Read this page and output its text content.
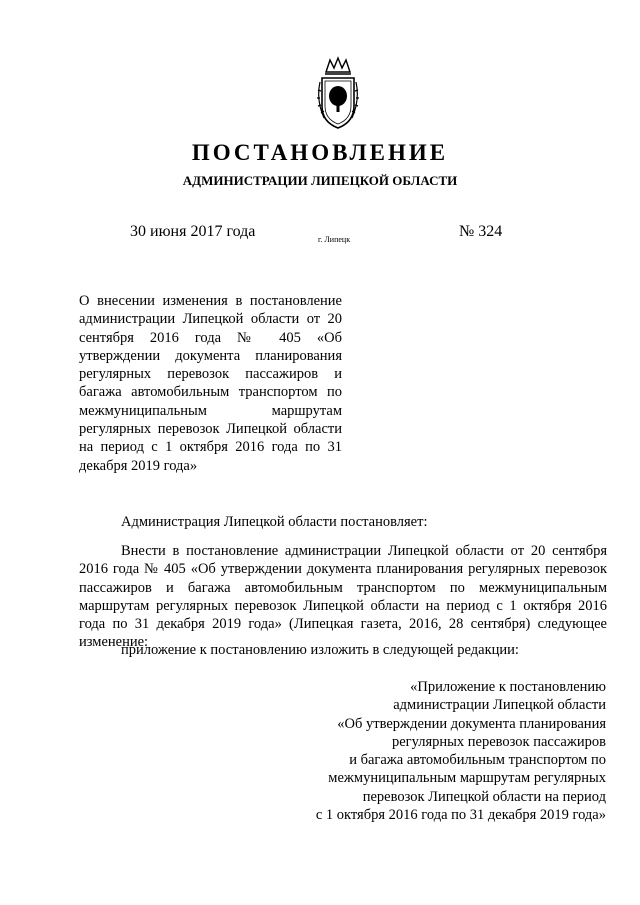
ПОСТАНОВЛЕНИЕ
АДМИНИСТРАЦИИ ЛИПЕЦКОЙ ОБЛАСТИ
30 июня 2017 года	г. Липецк	№ 324
О внесении изменения в постановление администрации Липецкой области от 20 сентября 2016 года № 405 «Об утверждении документа планирования регулярных перевозок пассажиров и багажа автомобильным транспортом по межмуниципальным маршрутам регулярных перевозок Липецкой области на период с 1 октября 2016 года по 31 декабря 2019 года»
Администрация Липецкой области постановляет:
Внести в постановление администрации Липецкой области от 20 сентября 2016 года № 405 «Об утверждении документа планирования регулярных перевозок пассажиров и багажа автомобильным транспортом по межмуниципальным маршрутам регулярных перевозок Липецкой области на период с 1 октября 2016 года по 31 декабря 2019 года» (Липецкая газета, 2016, 28 сентября) следующее изменение:
приложение к постановлению изложить в следующей редакции:
«Приложение к постановлению
администрации Липецкой области
«Об утверждении документа планирования
регулярных перевозок пассажиров
и багажа автомобильным транспортом по
межмуниципальным маршрутам регулярных
перевозок Липецкой области на период
с 1 октября 2016 года по 31 декабря 2019 года»
